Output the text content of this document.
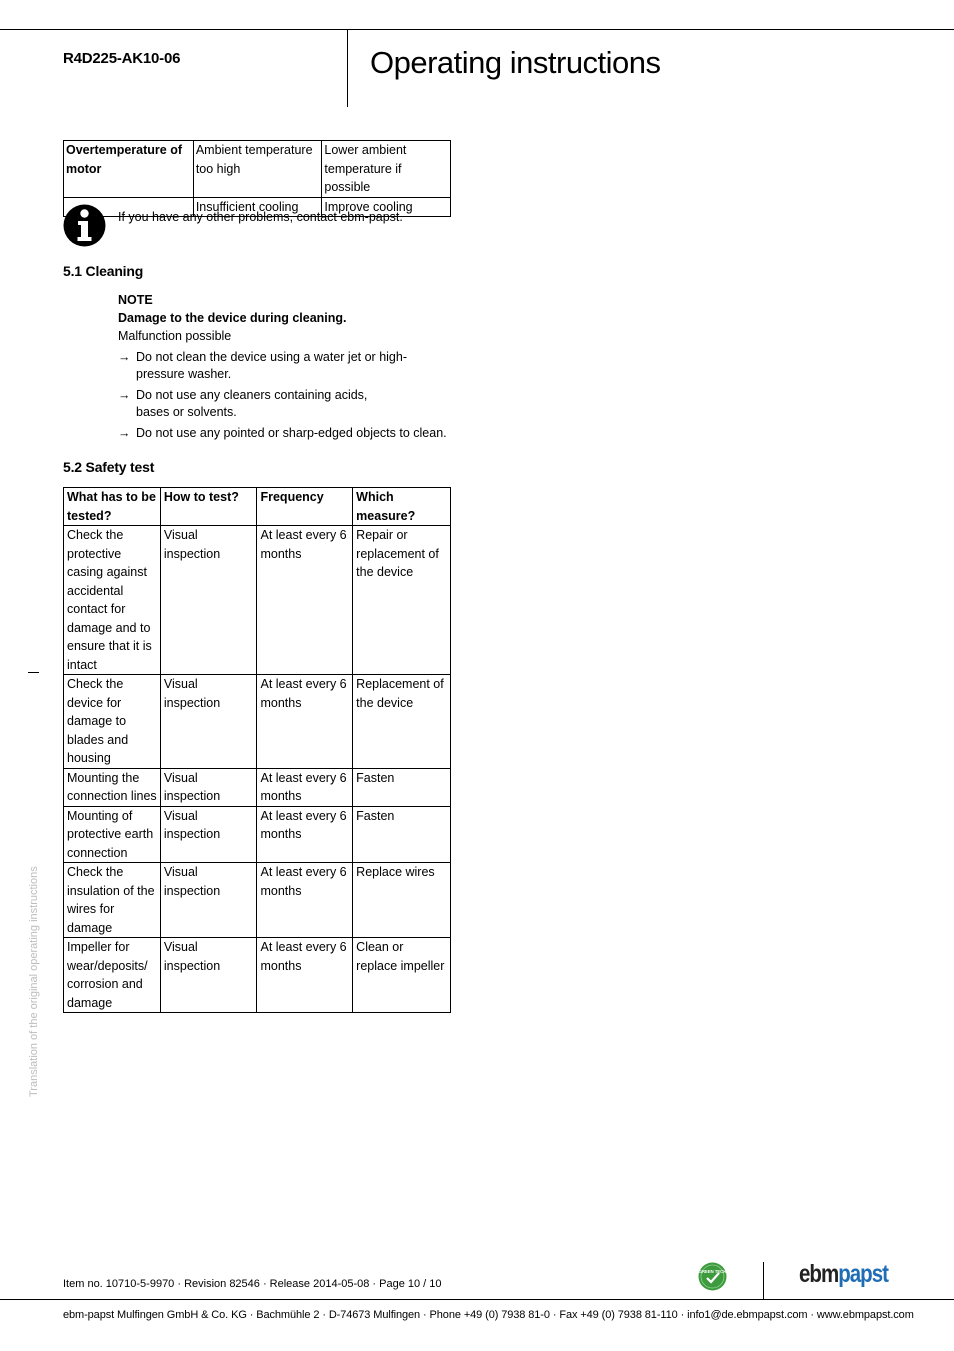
R4D225-AK10-06	Operating instructions
Overtemperature of motor	Ambient temperature too high	Lower ambient temperature if possible
	Insufficient cooling	Improve cooling
If you have any other problems, contact ebm-papst.
5.1 Cleaning
NOTE
Damage to the device during cleaning.
Malfunction possible
→ Do not clean the device using a water jet or high-pressure washer.
→ Do not use any cleaners containing acids, bases or solvents.
→ Do not use any pointed or sharp-edged objects to clean.
5.2 Safety test
What has to be tested?	How to test?	Frequency	Which measure?
Check the protective casing against accidental contact for damage and to ensure that it is intact	Visual inspection	At least every 6 months	Repair or replacement of the device
Check the device for damage to blades and housing	Visual inspection	At least every 6 months	Replacement of the device
Mounting the connection lines	Visual inspection	At least every 6 months	Fasten
Mounting of protective earth connection	Visual inspection	At least every 6 months	Fasten
Check the insulation of the wires for damage	Visual inspection	At least every 6 months	Replace wires
Impeller for wear/deposits/ corrosion and damage	Visual inspection	At least every 6 months	Clean or replace impeller
Translation of the original operating instructions
Item no. 10710-5-9970 · Revision 82546 · Release 2014-05-08 · Page 10 / 10
GREEN TECH	ebmpapst
ebm-papst Mulfingen GmbH & Co. KG · Bachmühle 2 · D-74673 Mulfingen · Phone +49 (0) 7938 81-0 · Fax +49 (0) 7938 81-110 · info1@de.ebmpapst.com · www.ebmpapst.com
